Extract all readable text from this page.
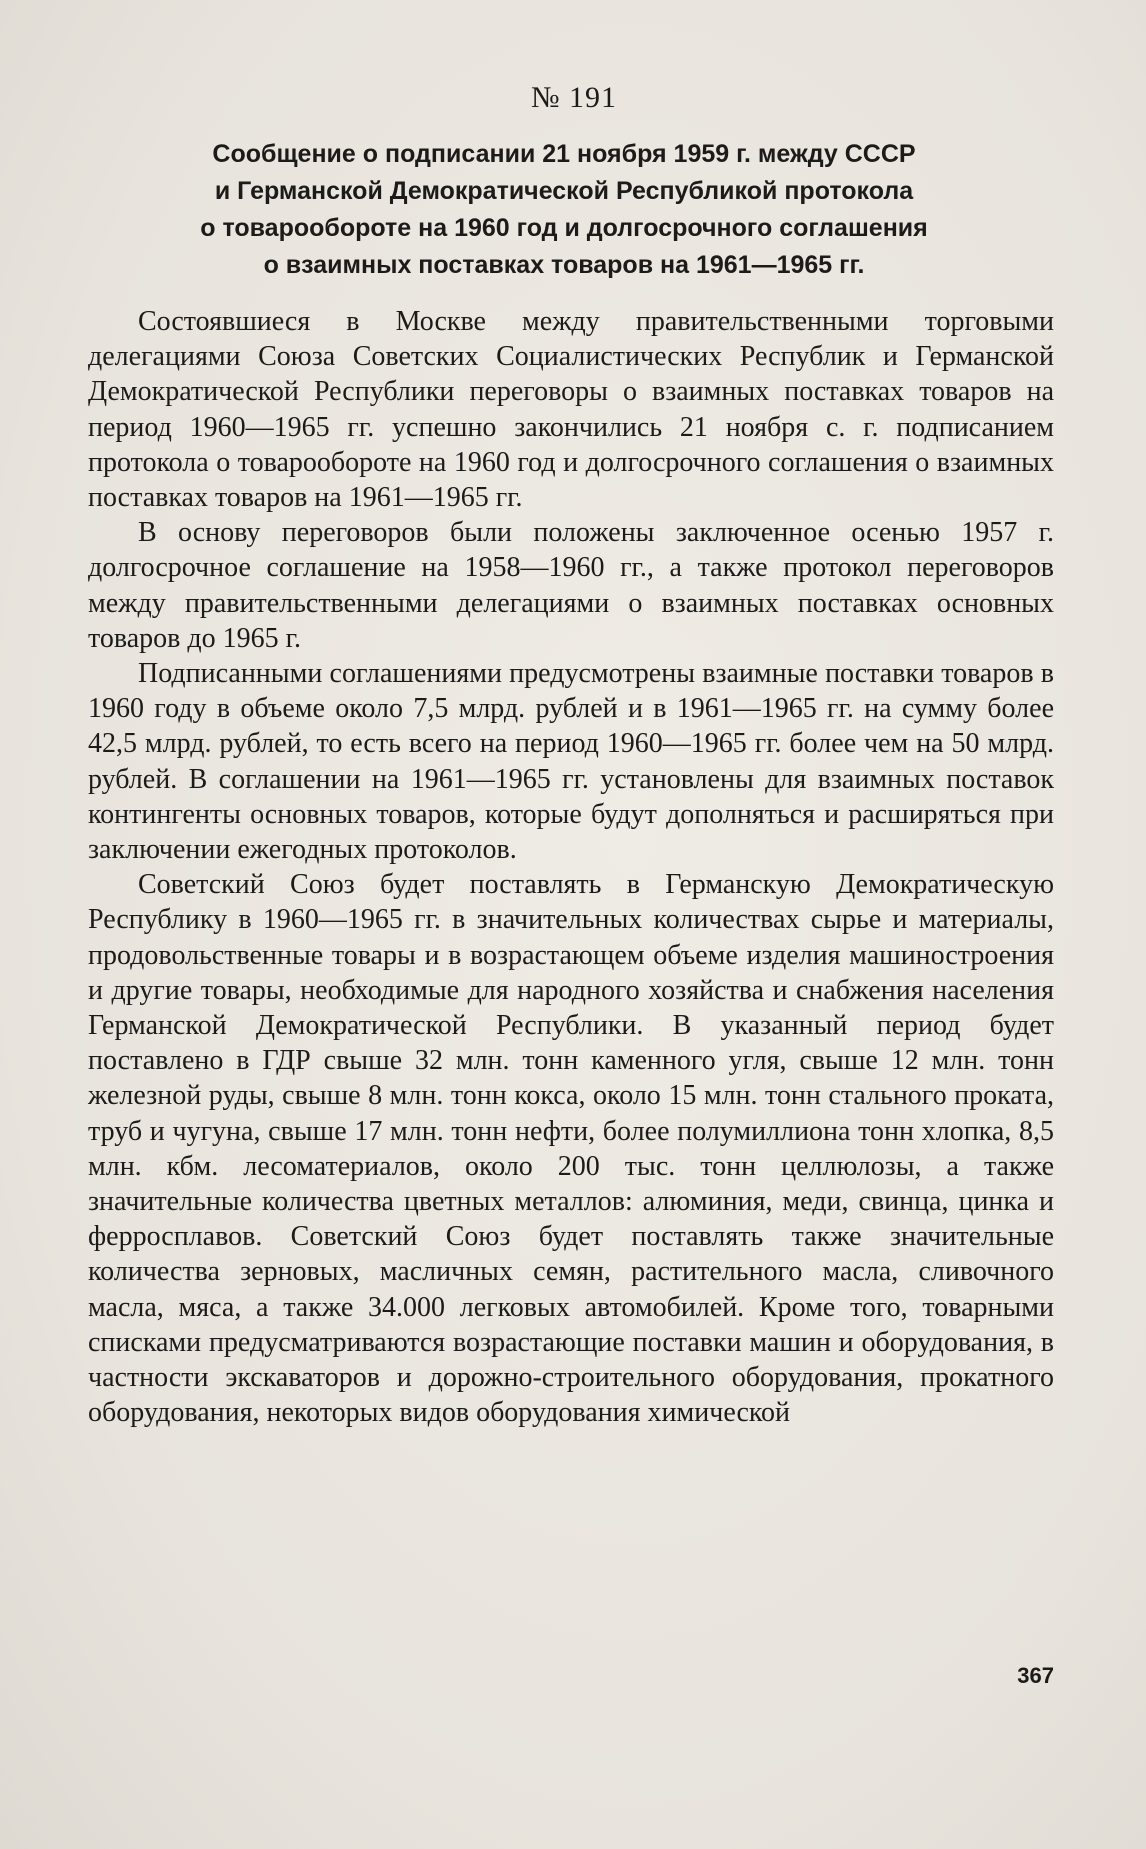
№ 191
Сообщение о подписании 21 ноября 1959 г. между СССР
и Германской Демократической Республикой протокола
о товарообороте на 1960 год и долгосрочного соглашения
о взаимных поставках товаров на 1961—1965 гг.

Состоявшиеся в Москве между правительственными торговыми делегациями Союза Советских Социалистических Республик и Германской Демократической Республики переговоры о взаимных поставках товаров на период 1960—1965 гг. успешно закончились 21 ноября с. г. подписанием протокола о товарообороте на 1960 год и долгосрочного соглашения о взаимных поставках товаров на 1961—1965 гг.

В основу переговоров были положены заключенное осенью 1957 г. долгосрочное соглашение на 1958—1960 гг., а также протокол переговоров между правительственными делегациями о взаимных поставках основных товаров до 1965 г.

Подписанными соглашениями предусмотрены взаимные поставки товаров в 1960 году в объеме около 7,5 млрд. рублей и в 1961—1965 гг. на сумму более 42,5 млрд. рублей, то есть всего на период 1960—1965 гг. более чем на 50 млрд. рублей. В соглашении на 1961—1965 гг. установлены для взаимных поставок контингенты основных товаров, которые будут дополняться и расширяться при заключении ежегодных протоколов.

Советский Союз будет поставлять в Германскую Демократическую Республику в 1960—1965 гг. в значительных количествах сырье и материалы, продовольственные товары и в возрастающем объеме изделия машиностроения и другие товары, необходимые для народного хозяйства и снабжения населения Германской Демократической Республики. В указанный период будет поставлено в ГДР свыше 32 млн. тонн каменного угля, свыше 12 млн. тонн железной руды, свыше 8 млн. тонн кокса, около 15 млн. тонн стального проката, труб и чугуна, свыше 17 млн. тонн нефти, более полумиллиона тонн хлопка, 8,5 млн. кбм. лесоматериалов, около 200 тыс. тонн целлюлозы, а также значительные количества цветных металлов: алюминия, меди, свинца, цинка и ферросплавов. Советский Союз будет поставлять также значительные количества зерновых, масличных семян, растительного масла, сливочного масла, мяса, а также 34.000 легковых автомобилей. Кроме того, товарными списками предусматриваются возрастающие поставки машин и оборудования, в частности экскаваторов и дорожно-строительного оборудования, прокатного оборудования, некоторых видов оборудования химической

367
